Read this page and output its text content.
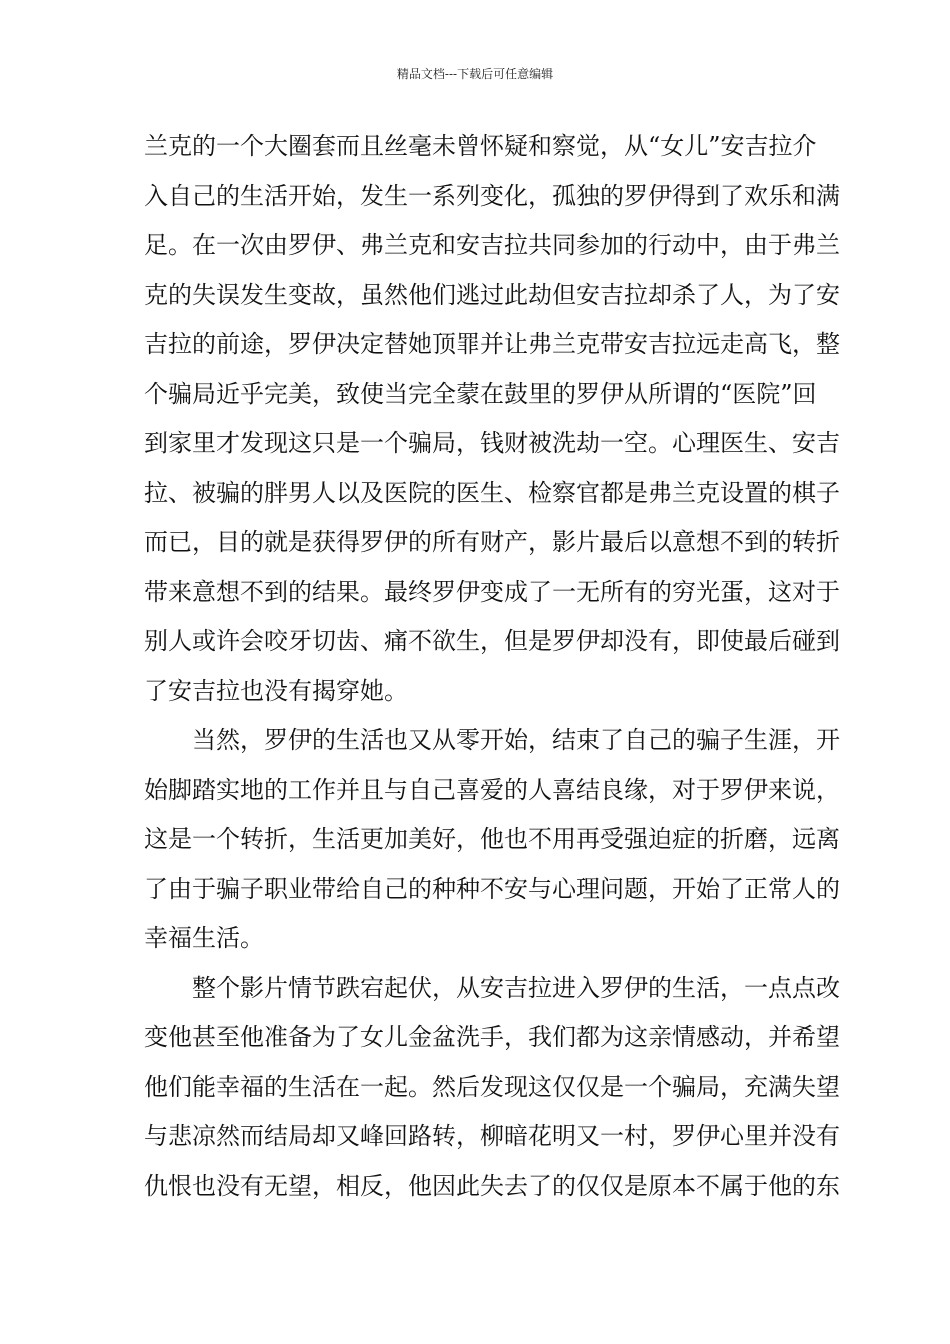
精品文档---下载后可任意编辑
兰克的一个大圈套而且丝毫未曾怀疑和察觉，从“女儿”安吉拉介
入自己的生活开始，发生一系列变化，孤独的罗伊得到了欢乐和满
足。在一次由罗伊、弗兰克和安吉拉共同参加的行动中，由于弗兰
克的失误发生变故，虽然他们逃过此劫但安吉拉却杀了人，为了安
吉拉的前途，罗伊决定替她顶罪并让弗兰克带安吉拉远走高飞，整
个骗局近乎完美，致使当完全蒙在鼓里的罗伊从所谓的“医院”回
到家里才发现这只是一个骗局，钱财被洗劫一空。心理医生、安吉
拉、被骗的胖男人以及医院的医生、检察官都是弗兰克设置的棋子
而已，目的就是获得罗伊的所有财产，影片最后以意想不到的转折
带来意想不到的结果。最终罗伊变成了一无所有的穷光蛋，这对于
别人或许会咬牙切齿、痛不欲生，但是罗伊却没有，即使最后碰到
了安吉拉也没有揭穿她。
当然，罗伊的生活也又从零开始，结束了自己的骗子生涯，开
始脚踏实地的工作并且与自己喜爱的人喜结良缘，对于罗伊来说，
这是一个转折，生活更加美好，他也不用再受强迫症的折磨，远离
了由于骗子职业带给自己的种种不安与心理问题，开始了正常人的
幸福生活。
整个影片情节跌宕起伏，从安吉拉进入罗伊的生活，一点点改
变他甚至他准备为了女儿金盆洗手，我们都为这亲情感动，并希望
他们能幸福的生活在一起。然后发现这仅仅是一个骗局，充满失望
与悲凉然而结局却又峰回路转，柳暗花明又一村，罗伊心里并没有
仇恨也没有无望，相反，他因此失去了的仅仅是原本不属于他的东
